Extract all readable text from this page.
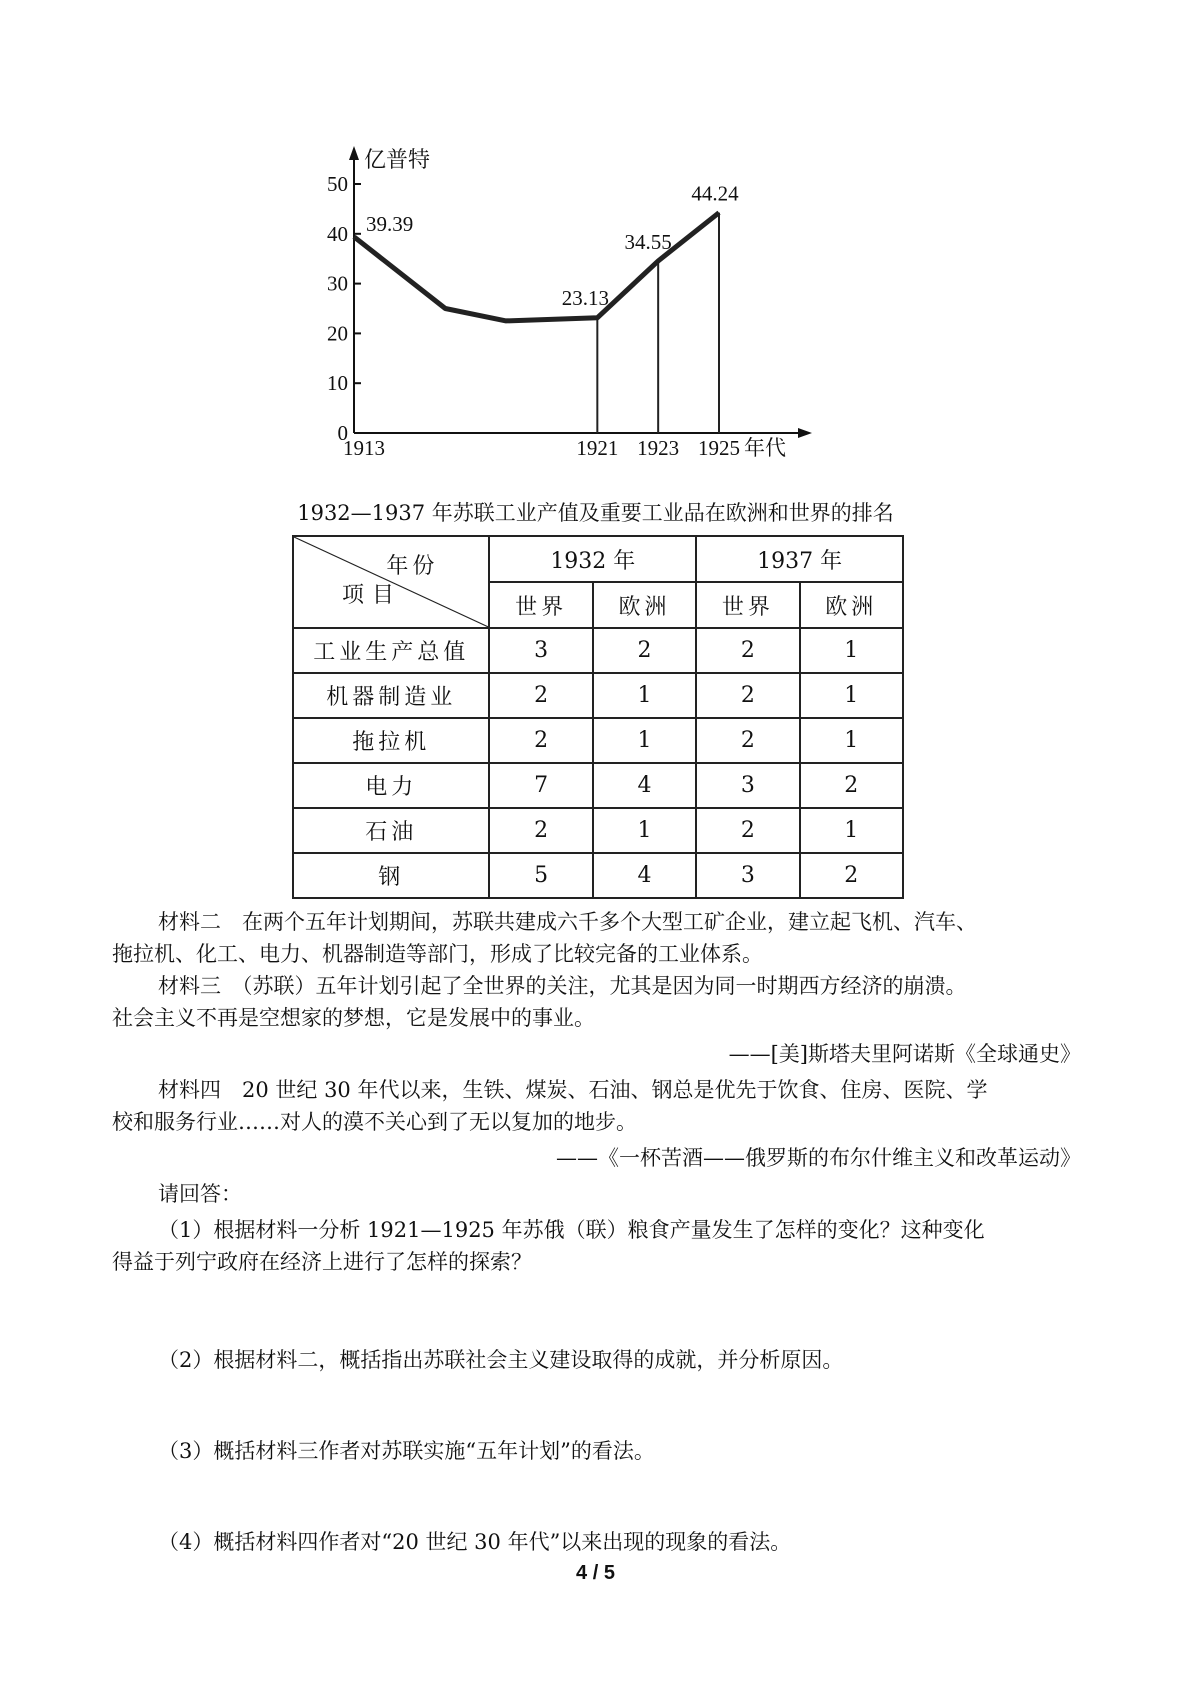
0
10
20
30
40
50
1913	1921 1923 1925
39.39
23.13
34.55
44.24
亿普特
年代
1932—1937 年苏联工业产值及重要工业品在欧洲和世界的排名
年份
项目	1932 年		1937 年	
	世界	欧洲	世界	欧洲
工业生产总值	3	2	2	1
机器制造业	2	1	2	1
拖拉机	2	1	2	1
电力	7	4	3	2
石油	2	1	2	1
钢	5	4	3	2
材料二　在两个五年计划期间，苏联共建成六千多个大型工矿企业，建立起飞机、汽车、
拖拉机、化工、电力、机器制造等部门，形成了比较完备的工业体系。
材料三　（苏联）五年计划引起了全世界的关注，尤其是因为同一时期西方经济的崩溃。
社会主义不再是空想家的梦想，它是发展中的事业。
——[美]斯塔夫里阿诺斯《全球通史》
材料四　20 世纪 30 年代以来，生铁、煤炭、石油、钢总是优先于饮食、住房、医院、学
校和服务行业……对人的漠不关心到了无以复加的地步。
——《一杯苦酒——俄罗斯的布尔什维主义和改革运动》
请回答：
（1）根据材料一分析 1921—1925 年苏俄（联）粮食产量发生了怎样的变化？这种变化
得益于列宁政府在经济上进行了怎样的探索？
（2）根据材料二，概括指出苏联社会主义建设取得的成就，并分析原因。
（3）概括材料三作者对苏联实施“五年计划”的看法。
（4）概括材料四作者对“20 世纪 30 年代”以来出现的现象的看法。
4 / 5
